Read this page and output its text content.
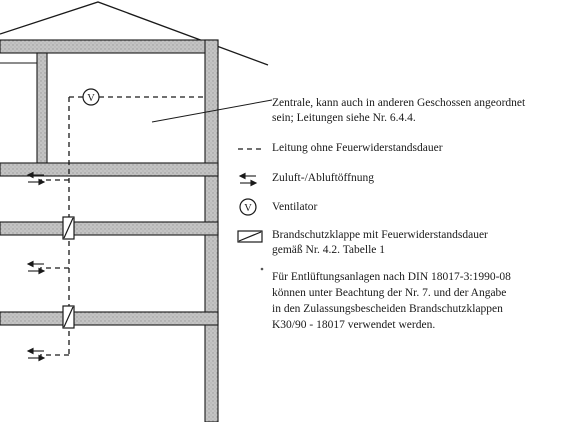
V
V
Zentrale, kann auch in anderen Geschossen angeordnet
sein; Leitungen siehe Nr. 6.4.4.
Leitung ohne Feuerwiderstandsdauer
Zuluft-/Abluftöffnung
Ventilator
Brandschutzklappe mit Feuerwiderstandsdauer
gemäß Nr. 4.2. Tabelle 1
Für Entlüftungsanlagen nach DIN 18017-3:1990-08
können unter Beachtung der Nr. 7. und der Angabe
in den Zulassungsbescheiden Brandschutzklappen
K30/90 - 18017 verwendet werden.
